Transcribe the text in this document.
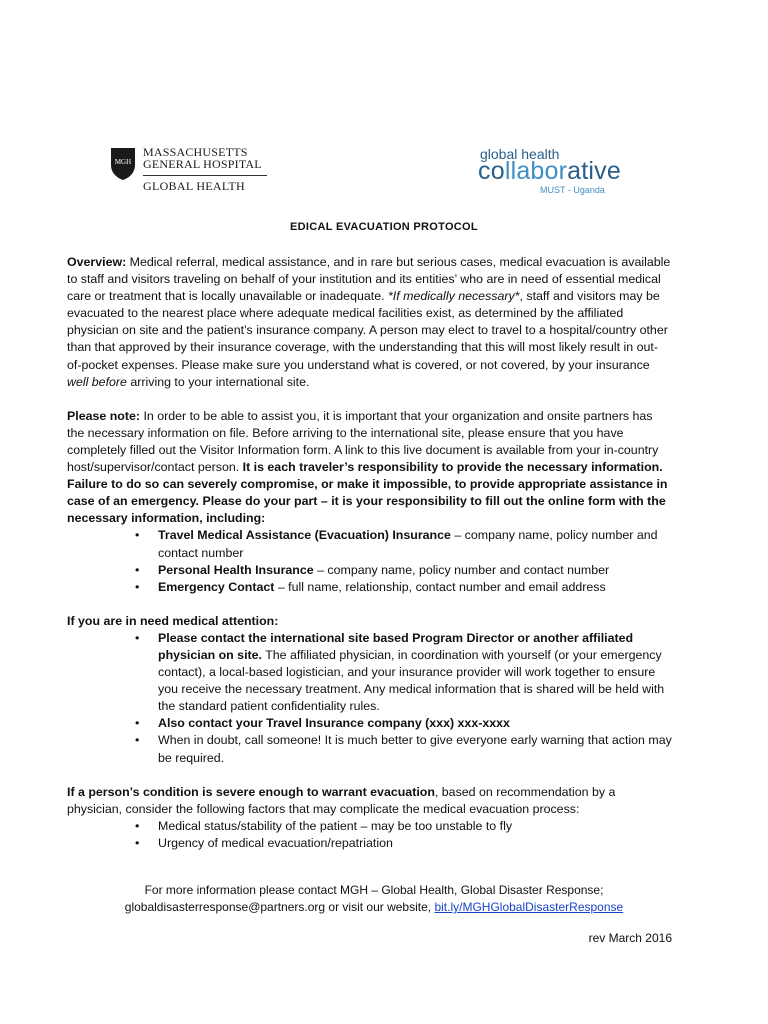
MGH
MASSACHUSETTS
GENERAL HOSPITAL
GLOBAL HEALTH
global health
collaborative
MUST - Uganda
EDICAL EVACUATION PROTOCOL

Overview: Medical referral, medical assistance, and in rare but serious cases, medical evacuation is available to staff and visitors traveling on behalf of your institution and its entities’ who are in need of essential medical care or treatment that is locally unavailable or inadequate. *If medically necessary*, staff and visitors may be evacuated to the nearest place where adequate medical facilities exist, as determined by the affiliated physician on site and the patient’s insurance company. A person may elect to travel to a hospital/country other than that approved by their insurance coverage, with the understanding that this will most likely result in out-of-pocket expenses. Please make sure you understand what is covered, or not covered, by your insurance well before arriving to your international site.

Please note: In order to be able to assist you, it is important that your organization and onsite partners has the necessary information on file. Before arriving to the international site, please ensure that you have completely filled out the Visitor Information form. A link to this live document is available from your in-country host/supervisor/contact person. It is each traveler’s responsibility to provide the necessary information. Failure to do so can severely compromise, or make it impossible, to provide appropriate assistance in case of an emergency. Please do your part – it is your responsibility to fill out the online form with the necessary information, including:

• Travel Medical Assistance (Evacuation) Insurance – company name, policy number and contact number
• Personal Health Insurance – company name, policy number and contact number
• Emergency Contact – full name, relationship, contact number and email address

If you are in need medical attention:

• Please contact the international site based Program Director or another affiliated physician on site. The affiliated physician, in coordination with yourself (or your emergency contact), a local-based logistician, and your insurance provider will work together to ensure you receive the necessary treatment. Any medical information that is shared will be held with the standard patient confidentiality rules.
• Also contact your Travel Insurance company (xxx) xxx-xxxx
• When in doubt, call someone! It is much better to give everyone early warning that action may be required.

If a person’s condition is severe enough to warrant evacuation, based on recommendation by a physician, consider the following factors that may complicate the medical evacuation process:

• Medical status/stability of the patient – may be too unstable to fly
• Urgency of medical evacuation/repatriation
For more information please contact MGH – Global Health, Global Disaster Response;
globaldisasterresponse@partners.org or visit our website, bit.ly/MGHGlobalDisasterResponse
rev March 2016
